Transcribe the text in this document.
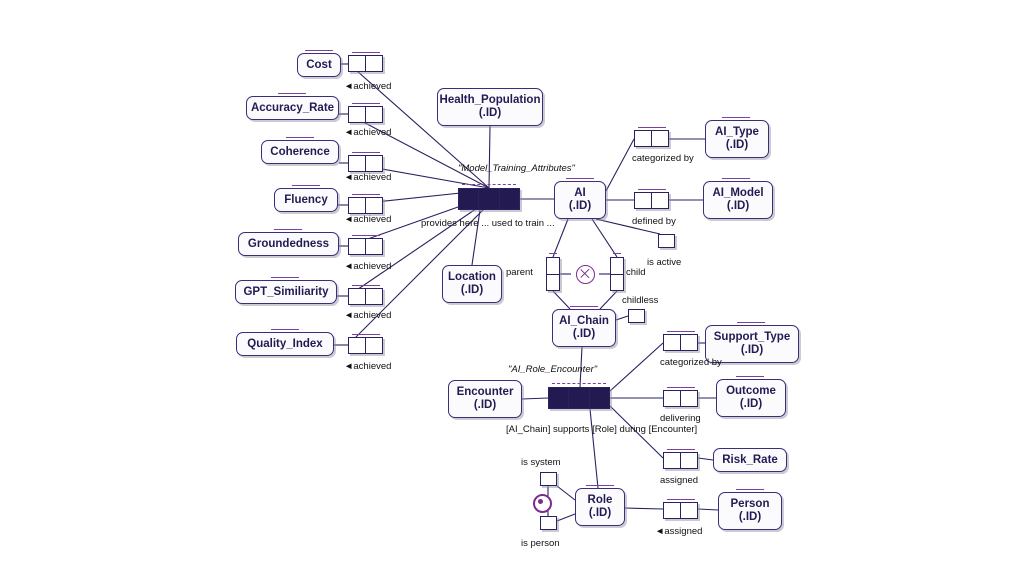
Cost
Accuracy_Rate
Coherence
Fluency
Groundedness
GPT_Similiarity
Quality_Index
Health_Population
(.ID)
Location
(.ID)
AI
(.ID)
AI_Type
(.ID)
AI_Model
(.ID)
AI_Chain
(.ID)	Support_Type
(.ID)
Outcome
(.ID)
Encounter
(.ID)
Risk_Rate
Role
(.ID)
Person
(.ID)
"Model_Training_Attributes"
provides here ... used to train ...
"AI_Role_Encounter"
[AI_Chain] supports [Role] during [Encounter]
◄achieved
◄achieved
◄achieved
◄achieved
◄achieved
◄achieved
◄achieved
categorized by
defined by
is active
parent	child
childless
categorized by
delivering
assigned
◄assigned
is system
is person
